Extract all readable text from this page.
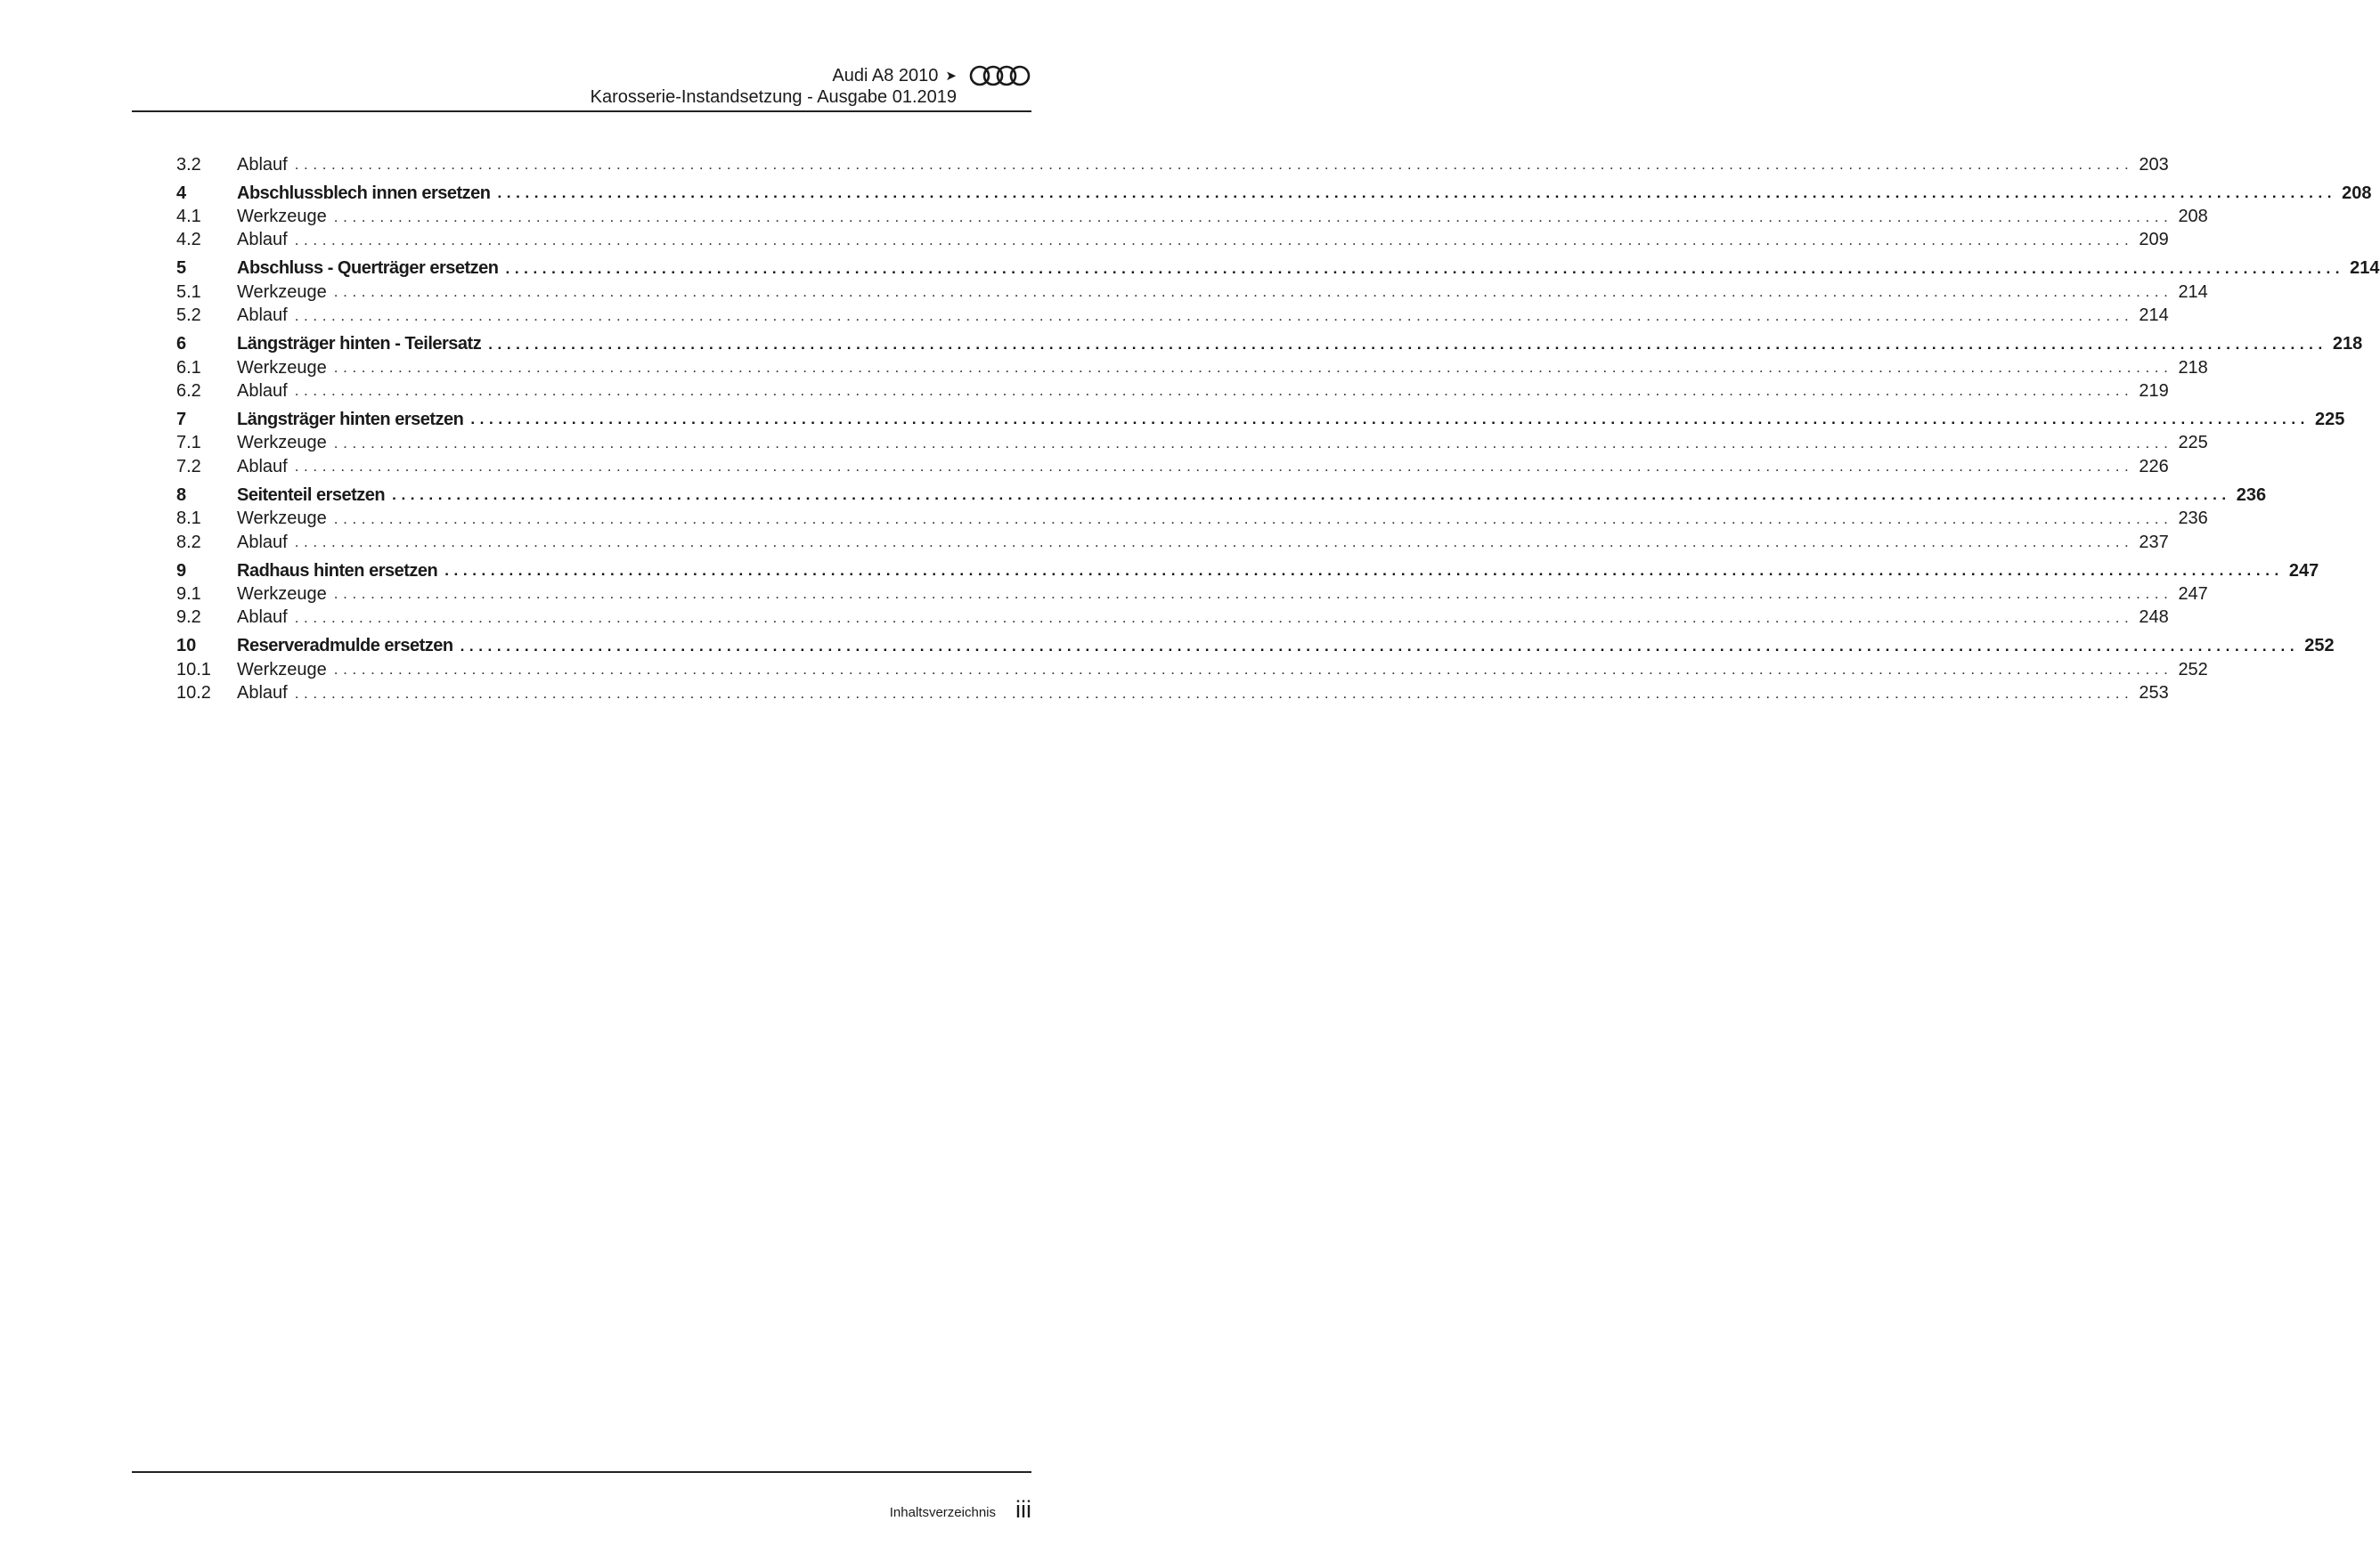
Audi A8 2010 ➤
Karosserie-Instandsetzung - Ausgabe 01.2019
3.2	Ablauf ........................................................................................................................................................................................................ 203
4	Abschlussblech innen ersetzen ........................................................................................................................................................................................................ 208
4.1	Werkzeuge ........................................................................................................................................................................................................ 208
4.2	Ablauf ........................................................................................................................................................................................................ 209
5	Abschluss - Querträger ersetzen ........................................................................................................................................................................................................ 214
5.1	Werkzeuge ........................................................................................................................................................................................................ 214
5.2	Ablauf ........................................................................................................................................................................................................ 214
6	Längsträger hinten - Teilersatz ........................................................................................................................................................................................................ 218
6.1	Werkzeuge ........................................................................................................................................................................................................ 218
6.2	Ablauf ........................................................................................................................................................................................................ 219
7	Längsträger hinten ersetzen ........................................................................................................................................................................................................ 225
7.1	Werkzeuge ........................................................................................................................................................................................................ 225
7.2	Ablauf ........................................................................................................................................................................................................ 226
8	Seitenteil ersetzen ........................................................................................................................................................................................................ 236
8.1	Werkzeuge ........................................................................................................................................................................................................ 236
8.2	Ablauf ........................................................................................................................................................................................................ 237
9	Radhaus hinten ersetzen ........................................................................................................................................................................................................ 247
9.1	Werkzeuge ........................................................................................................................................................................................................ 247
9.2	Ablauf ........................................................................................................................................................................................................ 248
10	Reserveradmulde ersetzen ........................................................................................................................................................................................................ 252
10.1	Werkzeuge ........................................................................................................................................................................................................ 252
10.2	Ablauf ........................................................................................................................................................................................................ 253
Inhaltsverzeichnis iii
